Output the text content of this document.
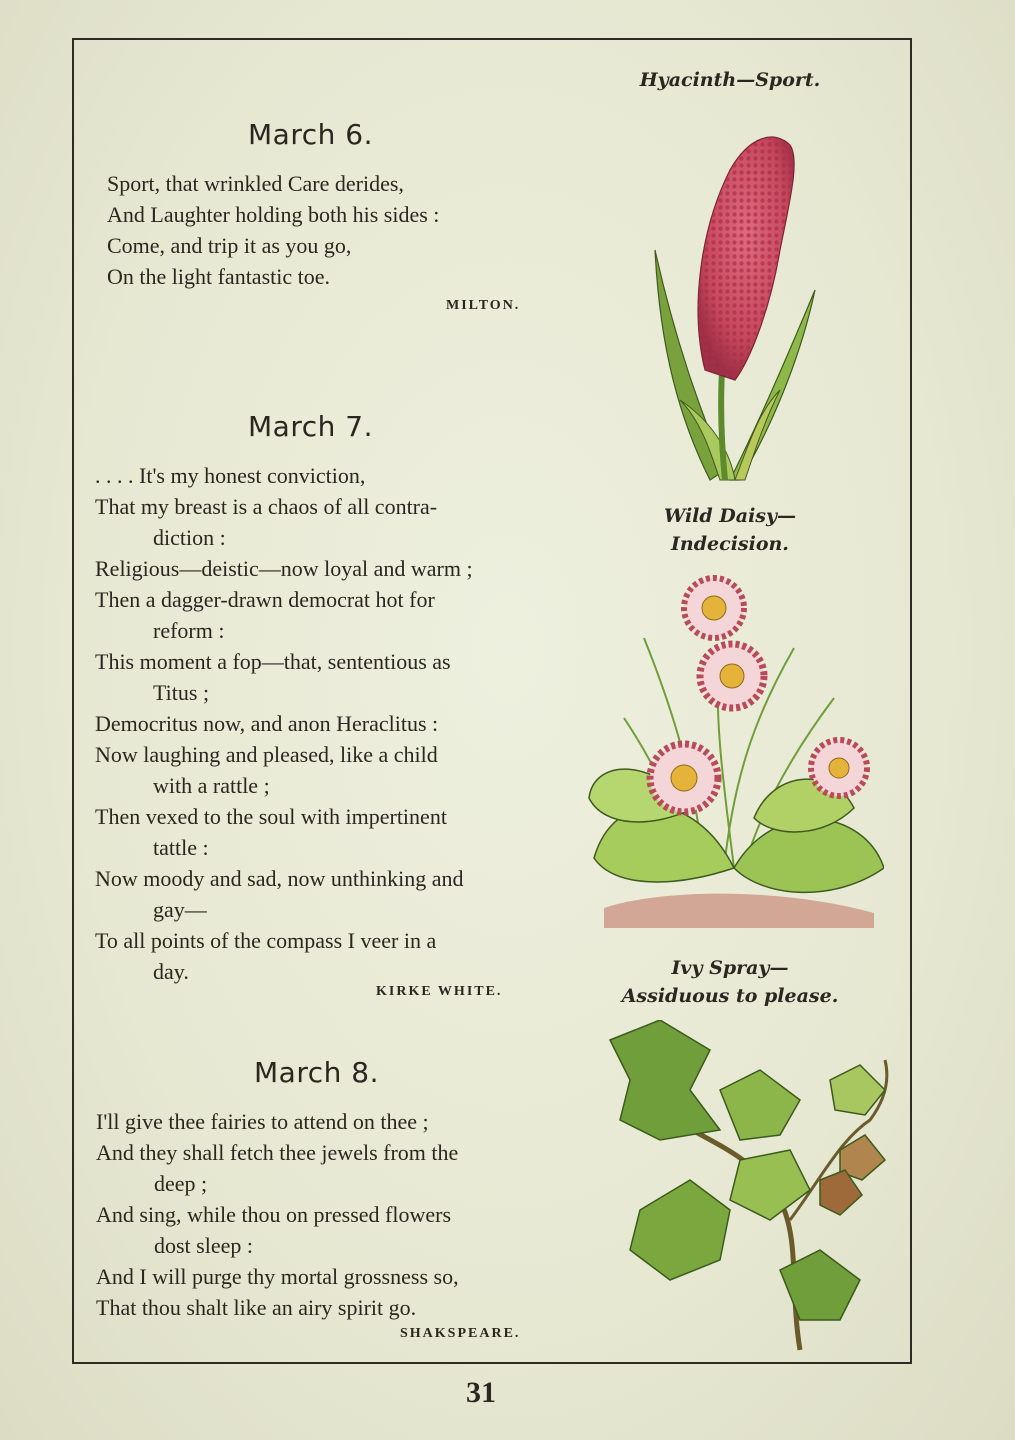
March 6.
Sport, that wrinkled Care derides,
And Laughter holding both his sides :
Come, and trip it as you go,
On the light fantastic toe.
MILTON.
March 7.
. . . . It's my honest conviction,
That my breast is a chaos of all contra-
diction :
Religious—deistic—now loyal and warm ;
Then a dagger-drawn democrat hot for
reform :
This moment a fop—that, sententious as
Titus ;
Democritus now, and anon Heraclitus :
Now laughing and pleased, like a child
with a rattle ;
Then vexed to the soul with impertinent
tattle :
Now moody and sad, now unthinking and
gay—
To all points of the compass I veer in a
day.
KIRKE WHITE.
March 8.
I'll give thee fairies to attend on thee ;
And they shall fetch thee jewels from the
deep ;
And sing, while thou on pressed flowers
dost sleep :
And I will purge thy mortal grossness so,
That thou shalt like an airy spirit go.
SHAKSPEARE.
Hyacinth—Sport.
Wild Daisy—
Indecision.
Ivy Spray—
Assiduous to please.
31
